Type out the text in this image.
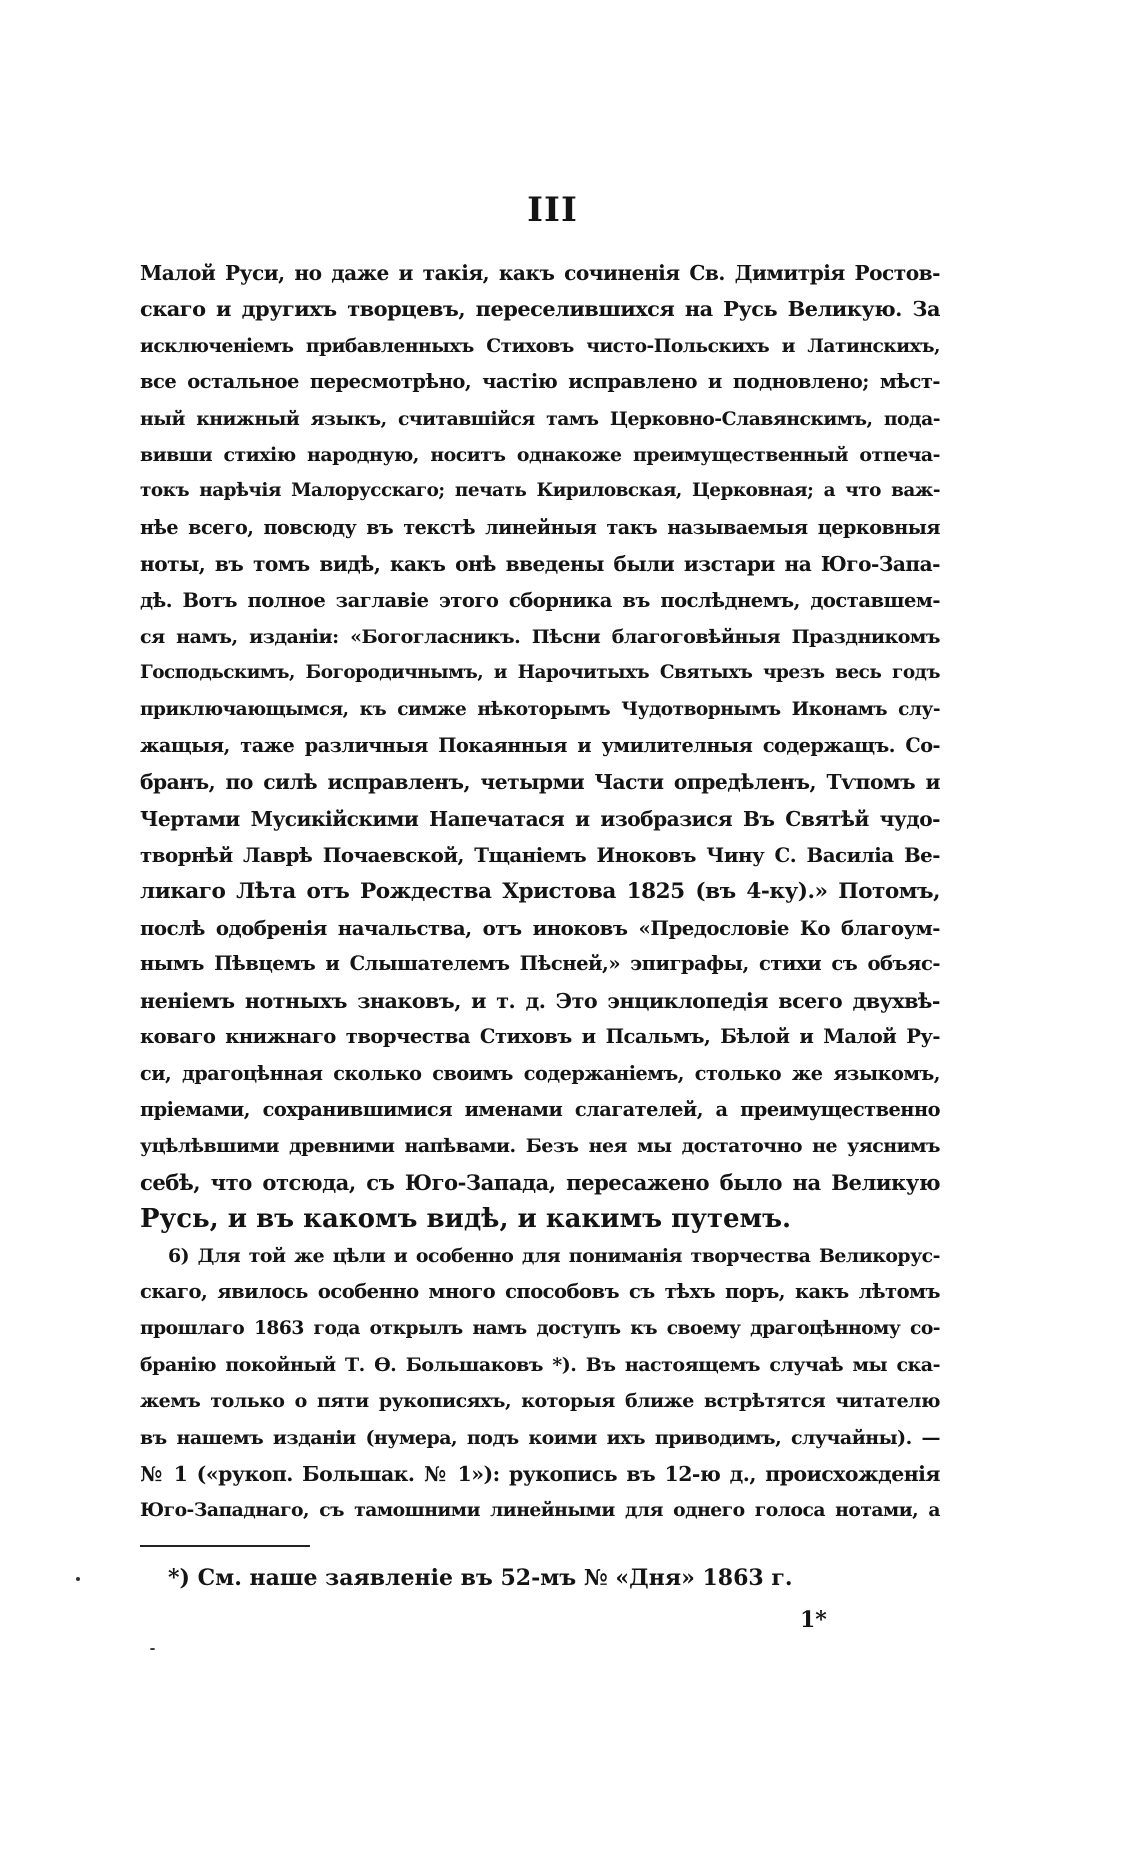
III
Малой Руси, но даже и такія, какъ сочиненія Св. Димитрія Ростов-
скаго и другихъ творцевъ, переселившихся на Русь Великую. За
исключеніемъ прибавленныхъ Стиховъ чисто-Польскихъ и Латинскихъ,
все остальное пересмотрѣно, частію исправлено и подновлено; мѣст-
ный книжный языкъ, считавшійся тамъ Церковно-Славянскимъ, пода-
вивши стихію народную, носитъ однакоже преимущественный отпеча-
токъ нарѣчія Малорусскаго; печать Кириловская, Церковная; а что важ-
нѣе всего, повсюду въ текстѣ линейныя такъ называемыя церковныя
ноты, въ томъ видѣ, какъ онѣ введены были изстари на Юго-Запа-
дѣ. Вотъ полное заглавіе этого сборника въ послѣднемъ, доставшем-
ся намъ, изданіи: «Богогласникъ. Пѣсни благоговѣйныя Праздникомъ
Господьскимъ, Богородичнымъ, и Нарочитыхъ Святыхъ чрезъ весь годъ
приключающымся, къ симже нѣкоторымъ Чудотворнымъ Иконамъ слу-
жащыя, таже различныя Покаянныя и умилителныя содержащъ. Со-
бранъ, по силѣ исправленъ, четырми Части опредѣленъ, Тѵпомъ и
Чертами Мусикійскими Напечатася и изобразися Въ Святѣй чудо-
творнѣй Лаврѣ Почаевской, Тщаніемъ Иноковъ Чину С. Василіа Ве-
ликаго Лѣта отъ Рождества Христова 1825 (въ 4-ку).» Потомъ,
послѣ одобренія начальства, отъ иноковъ «Предословіе Ко благоум-
нымъ Пѣвцемъ и Слышателемъ Пѣсней,» эпиграфы, стихи съ объяс-
неніемъ нотныхъ знаковъ, и т. д. Это энциклопедія всего двухвѣ-
коваго книжнаго творчества Стиховъ и Псальмъ, Бѣлой и Малой Ру-
си, драгоцѣнная сколько своимъ содержаніемъ, столько же языкомъ,
пріемами, сохранившимися именами слагателей, а преимущественно
уцѣлѣвшими древними напѣвами. Безъ нея мы достаточно не уяснимъ
себѣ, что отсюда, съ Юго-Запада, пересажено было на Великую
Русь, и въ какомъ видѣ, и какимъ путемъ.
6) Для той же цѣли и особенно для пониманія творчества Великорус-
скаго, явилось особенно много способовъ съ тѣхъ поръ, какъ лѣтомъ
прошлаго 1863 года открылъ намъ доступъ къ своему драгоцѣнному со-
бранію покойный Т. Ѳ. Большаковъ *). Въ настоящемъ случаѣ мы ска-
жемъ только о пяти рукописяхъ, которыя ближе встрѣтятся читателю
въ нашемъ изданіи (нумера, подъ коими ихъ приводимъ, случайны). —
№ 1 («рукоп. Большак. № 1»): рукопись въ 12-ю д., происхожденія
Юго-Западнаго, съ тамошними линейными для однего голоса нотами, а
*) См. наше заявленіе въ 52-мъ № «Дня» 1863 г.
1*
